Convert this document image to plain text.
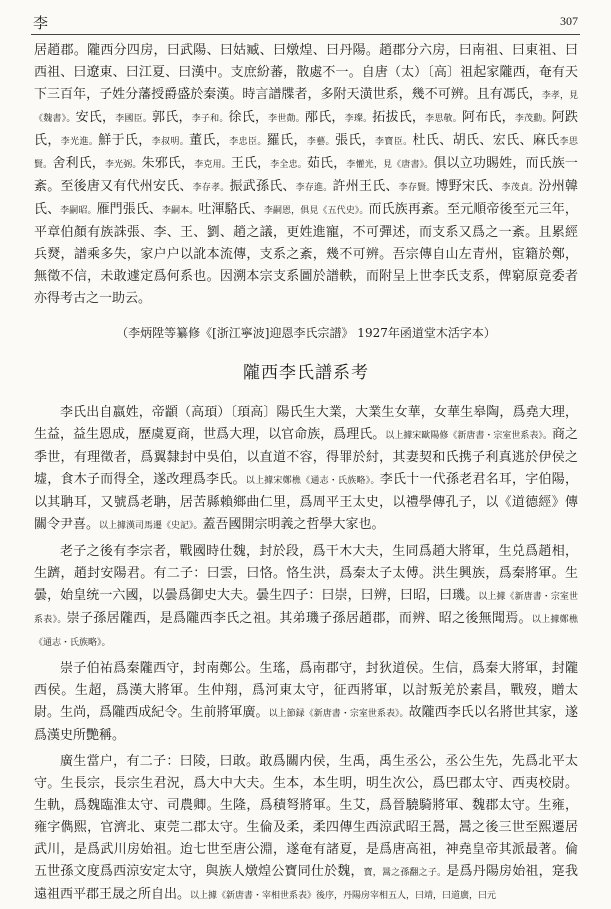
李	307

居趙郡。隴西分四房，曰武陽、曰姑臧、曰燉煌、曰丹陽。趙郡分六房，曰南祖、曰東祖、曰西祖、曰遼東、曰江夏、曰漢中。支庶紛蕃，散處不一。自唐（太）〔高〕祖起家隴西，奄有天下三百年，子姓分藩授爵盛於秦漢。時言譜牒者，多附天潢世系，幾不可辨。且有馮氏，李孝，見《魏書》。安氏，李國臣。郭氏，李子和。徐氏，李世勣。邴氏，李璨。拓拔氏，李思敬。阿布氏，李茂勳。阿跌氏，李光進。鮮于氏，李叔明。董氏，李忠臣。羅氏，李藝。張氏，李寶臣。杜氏、胡氏、宏氏、麻氏李思賢。舍利氏，李光弼。朱邪氏，李克用。王氏，李全忠。茹氏，李懽光，見《唐書》。俱以立功賜姓，而氏族一紊。至後唐又有代州安氏、李存孝。振武孫氏、李存進。許州王氏、李存賢。博野宋氏、李茂貞。汾州韓氏、李嗣昭。雁門張氏、李嗣本。吐渾駱氏、李嗣恩，俱見《五代史》。而氏族再紊。至元順帝後至元三年，平章伯顏有族誅張、李、王、劉、趙之議，更姓進寵，不可彈述，而支系又爲之一紊。且累經兵燹，譜乘多失，家户户以訛本流傳，支系之紊，幾不可辨。吾宗傳自山左青州，宦籍於鄭，無徵不信，未敢遽定爲何系也。因溯本宗支系圖於譜軼，而附呈上世李氏支系，俾窮原竟委者亦得考古之一助云。

（李炳陞等纂修《[浙江寧波]迎恩李氏宗譜》 1927年函道堂木活字本）

隴西李氏譜系考

李氏出自嬴姓，帝顓（高頊）〔頊高〕陽氏生大業，大業生女華，女華生皋陶，爲堯大理，生益，益生恩成，歷虞夏商，世爲大理，以官命族，爲理氏。以上據宋歐陽修《新唐書・宗室世系表》。商之季世，有理徵者，爲翼隸封中吳伯，以直道不容，得罪於紂，其妻契和氏携子利真逃於伊侯之墟，食木子而得全，遂改理爲李氏。以上據宋鄭樵《通志・氏族略》。李氏十一代孫老君名耳，字伯陽，以其聃耳，又號爲老聃，居苦縣賴鄉曲仁里，爲周平王太史，以禮學傳孔子，以《道德經》傳關令尹喜。以上據漢司馬遷《史記》。蓋吾國開宗明義之哲學大家也。

老子之後有李宗者，戰國時仕魏，封於段，爲干木大夫，生同爲趙大將軍，生兑爲趙相，生躋，趙封安陽君。有二子：曰雲，曰恪。恪生洪，爲秦太子太傅。洪生興族，爲秦將軍。生曇，始皇统一六國，以曇爲御史大夫。曇生四子：曰崇，曰辨，曰昭，曰璣。以上據《新唐書・宗室世系表》。崇子孫居隴西，是爲隴西李氏之祖。其弟璣子孫居趙郡，而辨、昭之後無聞焉。以上據鄭樵《通志・氏族略》。

崇子伯祐爲秦隴西守，封南鄭公。生瑤，爲南郡守，封狄道侯。生信，爲秦大將軍，封隴西侯。生超，爲漢大將軍。生仲翔，爲河東太守，征西將軍，以討叛羌於素昌，戰歿，贈太尉。生尚，爲隴西成紀令。生前將軍廣。以上節録《新唐書・宗室世系表》。故隴西李氏以名將世其家，遂爲漢史所艷稱。

廣生當户，有二子：曰陵，曰敢。敢爲關内侯，生禹，禹生丞公，丞公生先，先爲北平太守。生長宗，長宗生君況，爲大中大夫。生本，本生明，明生次公，爲巴郡太守、西夷校尉。生軌，爲魏臨淮太守、司農卿。生隆，爲積弩將軍。生艾，爲晉驍騎將軍、魏郡太守。生雍，雍字儁熙，官濟北、東莞二郡太守。生倫及柔，柔四傳生西涼武昭王暠，暠之後三世至熙遷居武川，是爲武川房始祖。迨七世至唐公淵，遂奄有諸夏，是爲唐高祖，神堯皇帝其派最著。倫五世孫文度爲西涼安定太守，與族人燉煌公寶同仕於魏，寶，暠之孫翻之子。是爲丹陽房始祖，寔我遠祖西平郡王晟之所自出。以上據《新唐書・宰相世系表》後序，丹陽房宰相五人，曰靖，曰道廣，曰元
